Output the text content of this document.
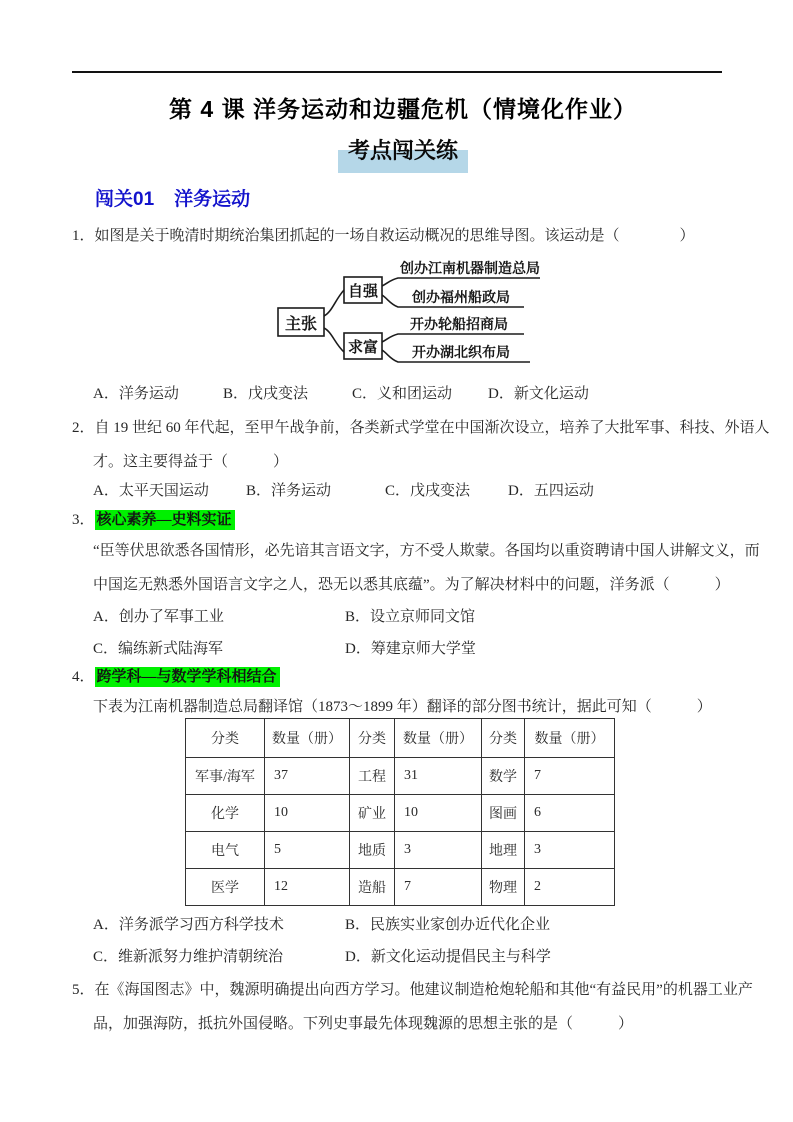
第 4 课 洋务运动和边疆危机（情境化作业）
考点闯关练
闯关01 洋务运动

1．如图是关于晚清时期统治集团抓起的一场自救运动概况的思维导图。该运动是（　　　　）

主张
自强
求富
创办江南机器制造总局
创办福州船政局
开办轮船招商局
开办湖北织布局
A．洋务运动	B．戊戌变法	C．义和团运动	D．新文化运动

2．自 19 世纪 60 年代起，至甲午战争前，各类新式学堂在中国渐次设立，培养了大批军事、科技、外语人

才。这主要得益于（　　　）

A．太平天国运动	B．洋务运动	C．戊戌变法	D．五四运动

3． 核心素养—史料实证

“臣等伏思欲悉各国情形，必先谙其言语文字，方不受人欺蒙。各国均以重资聘请中国人讲解文义，而

中国迄无熟悉外国语言文字之人，恐无以悉其底蕴”。为了解决材料中的问题，洋务派（　　　）

A．创办了军事工业	B．设立京师同文馆
C．编练新式陆海军	D．筹建京师大学堂

4． 跨学科—与数学学科相结合

下表为江南机器制造总局翻译馆（1873～1899 年）翻译的部分图书统计，据此可知（　　　）

分类	数量（册）	分类	数量（册）	分类	数量（册）
军事/海军	37	工程	31	数学	7
化学	10	矿业	10	图画	6
电气	5	地质	3	地理	3
医学	12	造船	7	物理	2
A．洋务派学习西方科学技术	B．民族实业家创办近代化企业
C．维新派努力维护清朝统治	D．新文化运动提倡民主与科学

5．在《海国图志》中，魏源明确提出向西方学习。他建议制造枪炮轮船和其他“有益民用”的机器工业产

品，加强海防，抵抗外国侵略。下列史事最先体现魏源的思想主张的是（　　　）
